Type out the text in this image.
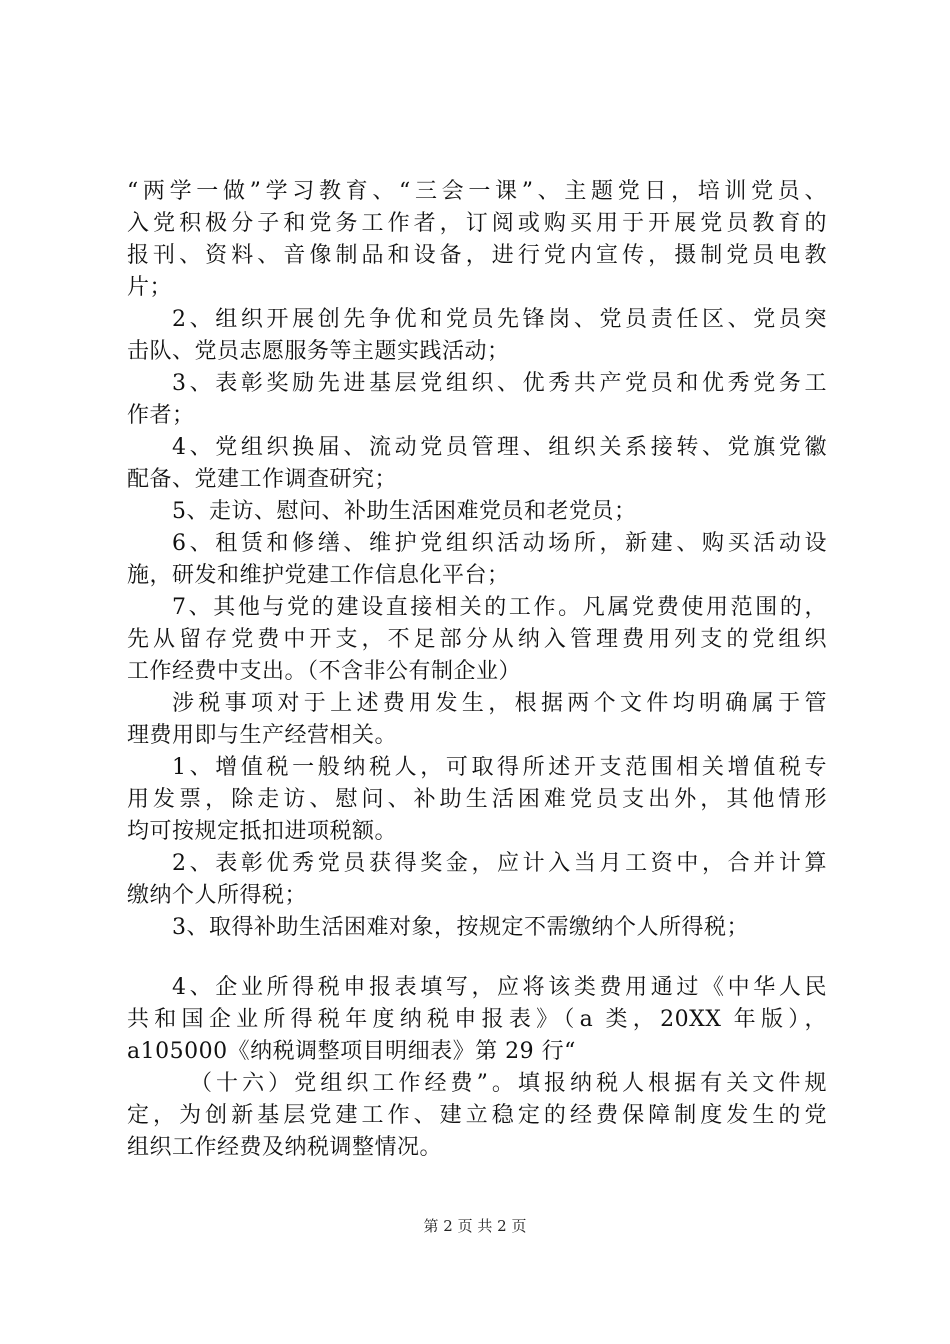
“两学一做”学习教育、“三会一课”、主题党日，培训党员、
入党积极分子和党务工作者，订阅或购买用于开展党员教育的
报刊、资料、音像制品和设备，进行党内宣传，摄制党员电教
片；
2、组织开展创先争优和党员先锋岗、党员责任区、党员突
击队、党员志愿服务等主题实践活动；
3、表彰奖励先进基层党组织、优秀共产党员和优秀党务工
作者；
4、党组织换届、流动党员管理、组织关系接转、党旗党徽
配备、党建工作调查研究；
5、走访、慰问、补助生活困难党员和老党员；
6、租赁和修缮、维护党组织活动场所，新建、购买活动设
施，研发和维护党建工作信息化平台；
7、其他与党的建设直接相关的工作。凡属党费使用范围的，
先从留存党费中开支，不足部分从纳入管理费用列支的党组织
工作经费中支出。（不含非公有制企业）
涉税事项对于上述费用发生，根据两个文件均明确属于管
理费用即与生产经营相关。
1、增值税一般纳税人，可取得所述开支范围相关增值税专
用发票，除走访、慰问、补助生活困难党员支出外，其他情形
均可按规定抵扣进项税额。
2、表彰优秀党员获得奖金，应计入当月工资中，合并计算
缴纳个人所得税；
3、取得补助生活困难对象，按规定不需缴纳个人所得税；
4、企业所得税申报表填写，应将该类费用通过《中华人民
共和国企业所得税年度纳税申报表》（a 类，20XX 年版），
a105000《纳税调整项目明细表》第 29 行“
（十六）党组织工作经费”。填报纳税人根据有关文件规
定，为创新基层党建工作、建立稳定的经费保障制度发生的党
组织工作经费及纳税调整情况。
第 2 页 共 2 页
